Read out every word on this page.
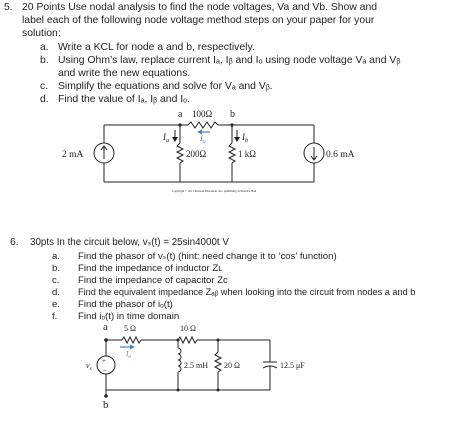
5. 20 Points Use nodal analysis to find the node voltages, Va and Vb. Show and
label each of the following node voltage method steps on your paper for your
solution:
a. Write a KCL for node a and b, respectively.
b. Using Ohm’s law, replace current Iₐ, Iᵦ and Iₒ using node voltage Vₐ and Vᵦ
and write the new equations.
c. Simplify the equations and solve for Vₐ and Vᵦ.
d. Find the value of Iₐ, Iᵦ and Iₒ.
a	b
100Ω
$I_o$
$I_a$	$I_b$
2 mA	200Ω	1 kΩ	0.6 mA
Copyright © 2011 Pearson Education, Inc. publishing as Prentice Hall
6. 30pts In the circuit below, vₛ(t) = 25sin4000t V
a. Find the phasor of vₛ(t) (hint: need change it to ‘cos’ function)
b. Find the impedance of inductor Zʟ
c. Find the impedance of capacitor Zᴄ
d. Find the equivalent impedance Zₐᵦ when looking into the circuit from nodes a and b
e. Find the phasor of iₒ(t)
f. Find iₒ(t) in time domain
a
b
5 Ω	10 Ω
$I_o$
+
–
$v_s$	2.5 mH 20 Ω	12.5 μF
